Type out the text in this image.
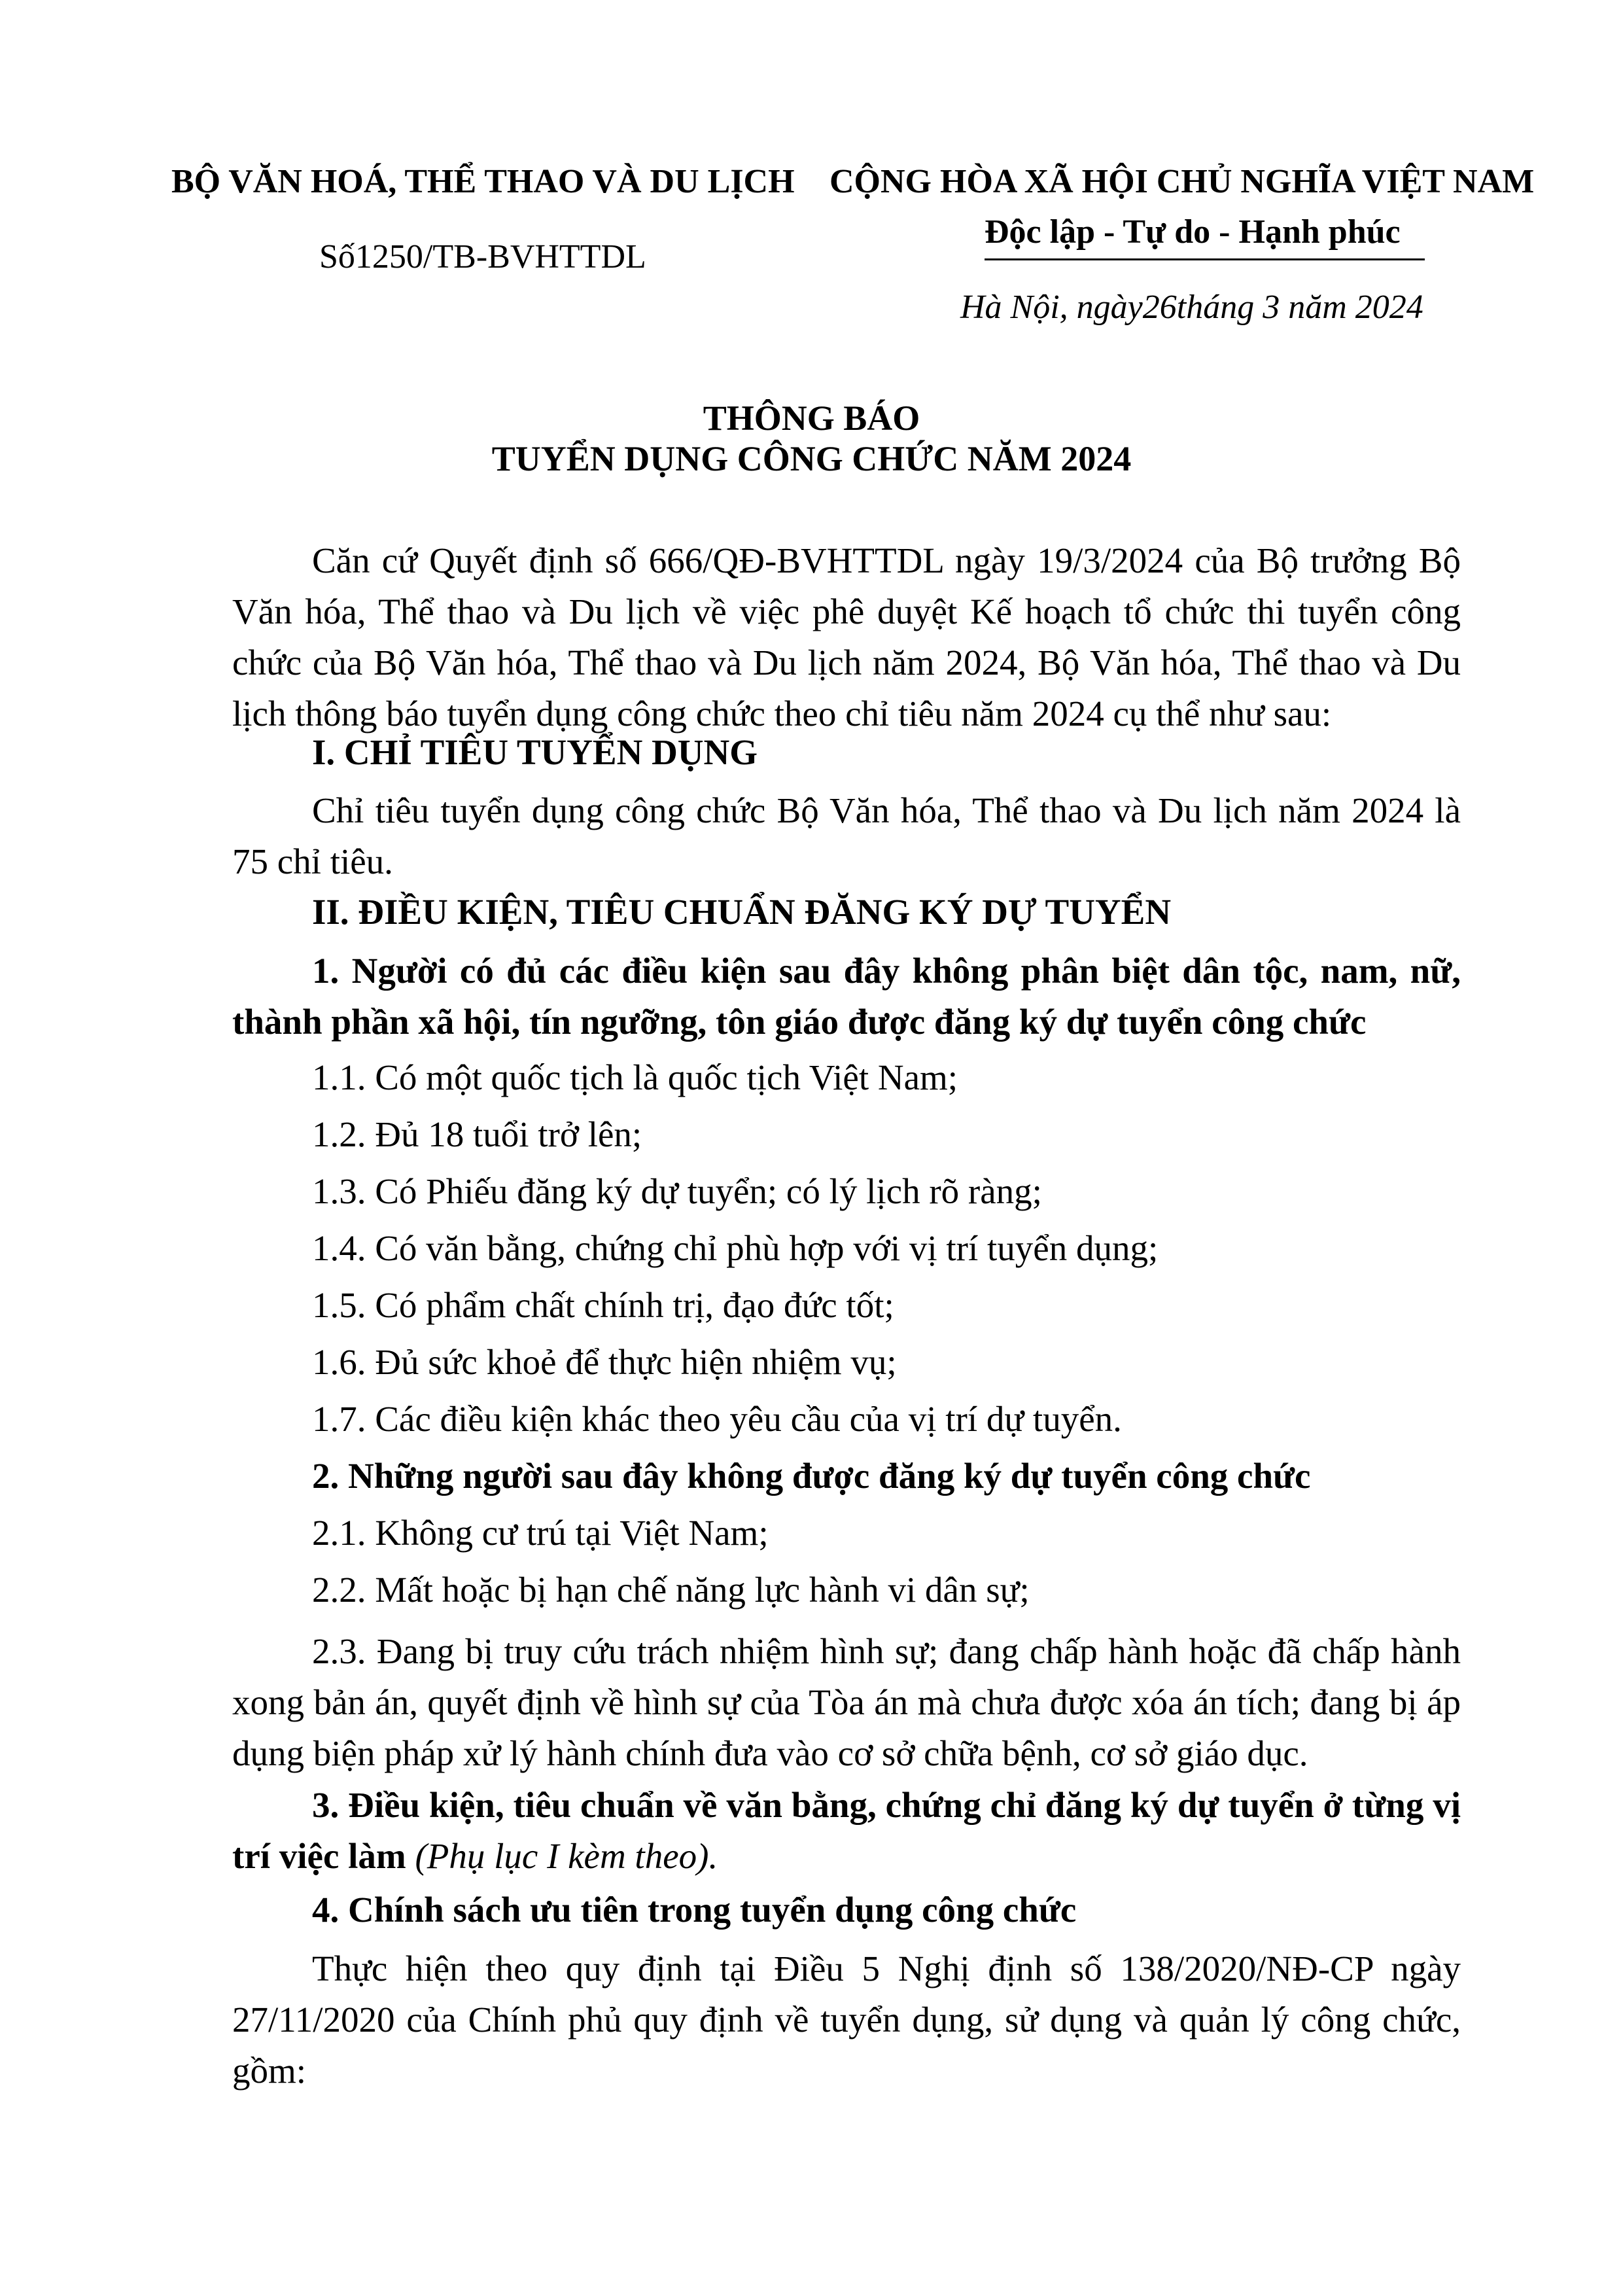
BỘ VĂN HOÁ, THỂ THAO VÀ DU LỊCH
Số1250/TB-BVHTTDL
CỘNG HÒA XÃ HỘI CHỦ NGHĨA VIỆT NAM
Độc lập - Tự do - Hạnh phúc
Hà Nội, ngày26tháng 3 năm 2024
THÔNG BÁO
TUYỂN DỤNG CÔNG CHỨC NĂM 2024
Căn cứ Quyết định số 666/QĐ-BVHTTDL ngày 19/3/2024 của Bộ trưởng Bộ Văn hóa, Thể thao và Du lịch về việc phê duyệt Kế hoạch tổ chức thi tuyển công chức của Bộ Văn hóa, Thể thao và Du lịch năm 2024, Bộ Văn hóa, Thể thao và Du lịch thông báo tuyển dụng công chức theo chỉ tiêu năm 2024 cụ thể như sau:
I. CHỈ TIÊU TUYỂN DỤNG
Chỉ tiêu tuyển dụng công chức Bộ Văn hóa, Thể thao và Du lịch năm 2024 là 75 chỉ tiêu.
II. ĐIỀU KIỆN, TIÊU CHUẨN ĐĂNG KÝ DỰ TUYỂN
1. Người có đủ các điều kiện sau đây không phân biệt dân tộc, nam, nữ, thành phần xã hội, tín ngưỡng, tôn giáo được đăng ký dự tuyển công chức
1.1. Có một quốc tịch là quốc tịch Việt Nam;
1.2. Đủ 18 tuổi trở lên;
1.3. Có Phiếu đăng ký dự tuyển; có lý lịch rõ ràng;
1.4. Có văn bằng, chứng chỉ phù hợp với vị trí tuyển dụng;
1.5. Có phẩm chất chính trị, đạo đức tốt;
1.6. Đủ sức khoẻ để thực hiện nhiệm vụ;
1.7. Các điều kiện khác theo yêu cầu của vị trí dự tuyển.
2. Những người sau đây không được đăng ký dự tuyển công chức
2.1. Không cư trú tại Việt Nam;
2.2. Mất hoặc bị hạn chế năng lực hành vi dân sự;
2.3. Đang bị truy cứu trách nhiệm hình sự; đang chấp hành hoặc đã chấp hành xong bản án, quyết định về hình sự của Tòa án mà chưa được xóa án tích; đang bị áp dụng biện pháp xử lý hành chính đưa vào cơ sở chữa bệnh, cơ sở giáo dục.
3. Điều kiện, tiêu chuẩn về văn bằng, chứng chỉ đăng ký dự tuyển ở từng vị trí việc làm (Phụ lục I kèm theo).
4. Chính sách ưu tiên trong tuyển dụng công chức
Thực hiện theo quy định tại Điều 5 Nghị định số 138/2020/NĐ-CP ngày 27/11/2020 của Chính phủ quy định về tuyển dụng, sử dụng và quản lý công chức, gồm:
